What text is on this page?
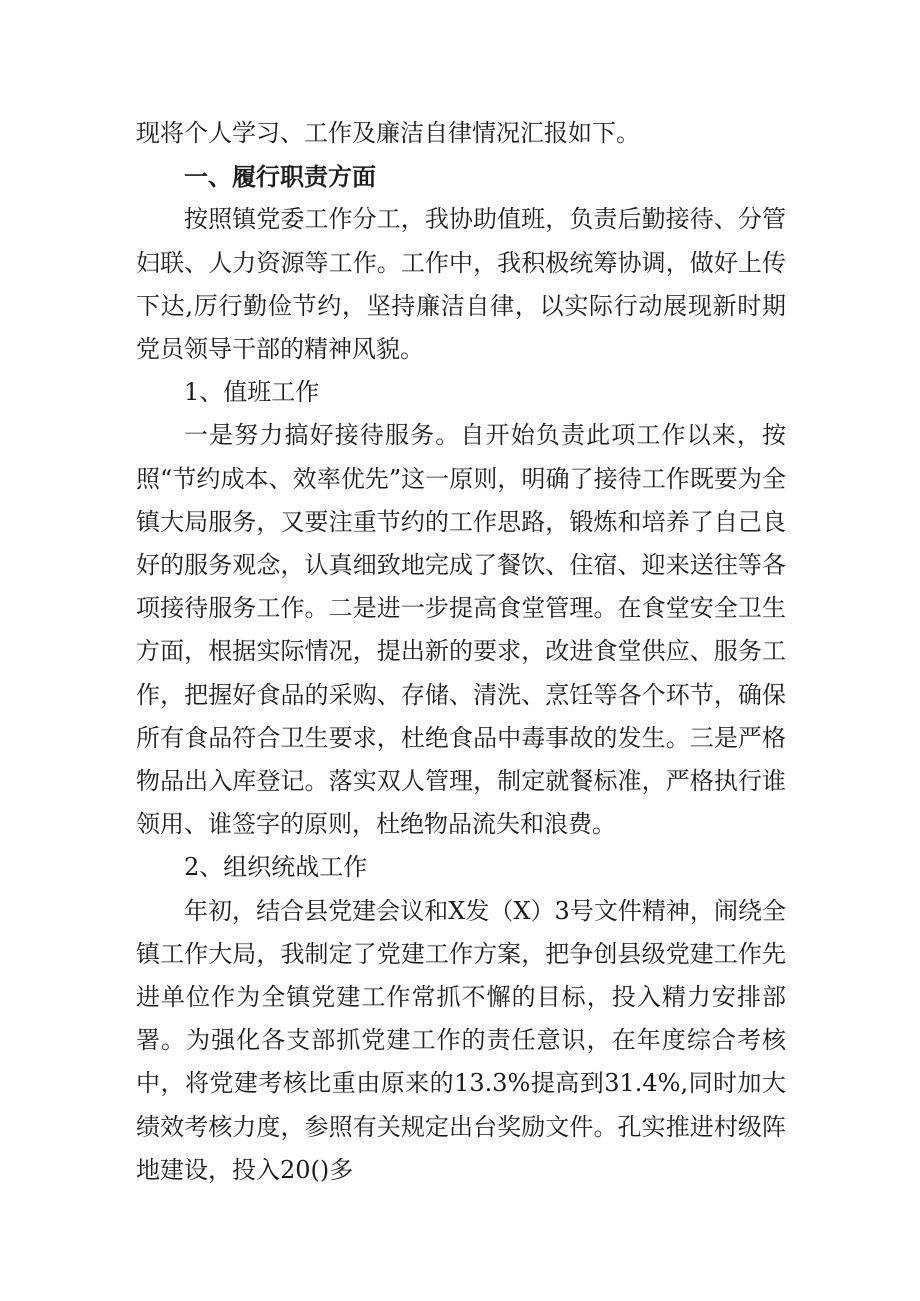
现将个人学习、工作及廉洁自律情况汇报如下。

一、履行职责方面

按照镇党委工作分工，我协助值班，负责后勤接待、分管妇联、人力资源等工作。工作中，我积极统筹协调，做好上传下达,厉行勤俭节约，坚持廉洁自律，以实际行动展现新时期党员领导干部的精神风貌。

1、值班工作

一是努力搞好接待服务。自开始负责此项工作以来，按照“节约成本、效率优先”这一原则，明确了接待工作既要为全镇大局服务，又要注重节约的工作思路，锻炼和培养了自己良好的服务观念，认真细致地完成了餐饮、住宿、迎来送往等各项接待服务工作。二是进一步提高食堂管理。在食堂安全卫生方面，根据实际情况，提出新的要求，改进食堂供应、服务工作，把握好食品的采购、存储、清洗、烹饪等各个环节，确保所有食品符合卫生要求，杜绝食品中毒事故的发生。三是严格物品出入库登记。落实双人管理，制定就餐标准，严格执行谁领用、谁签字的原则，杜绝物品流失和浪费。

2、组织统战工作

年初，结合县党建会议和X发（X）3号文件精神，闹绕全镇工作大局，我制定了党建工作方案，把争创县级党建工作先进单位作为全镇党建工作常抓不懈的目标，投入精力安排部署。为强化各支部抓党建工作的责任意识，在年度综合考核中，将党建考核比重由原来的13.3%提高到31.4%,同时加大绩效考核力度，参照有关规定出台奖励文件。孔实推进村级阵地建设，投入20()多
